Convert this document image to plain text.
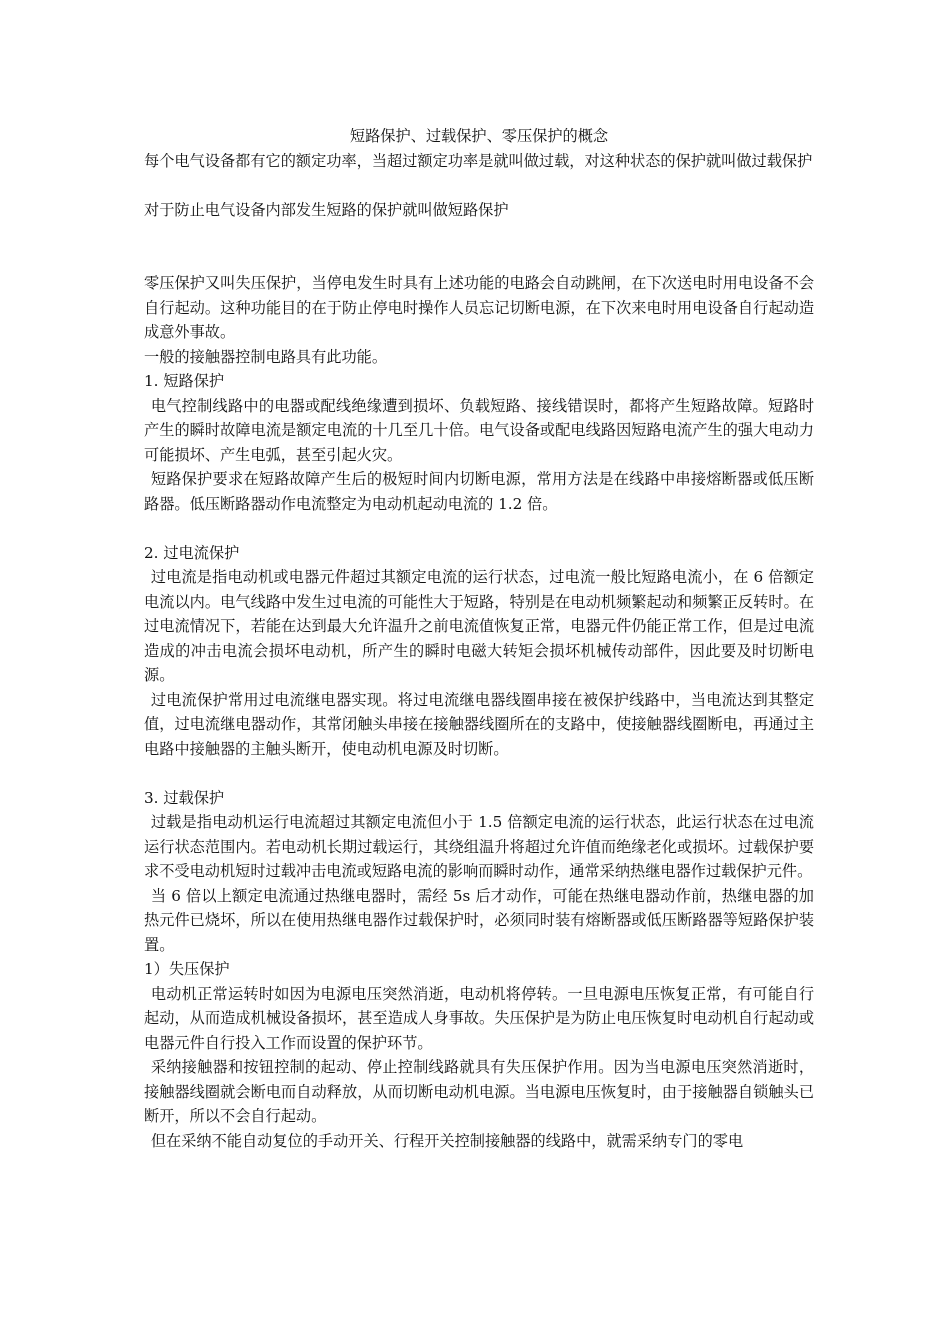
短路保护、过载保护、零压保护的概念

每个电气设备都有它的额定功率，当超过额定功率是就叫做过载，对这种状态的保护就叫做过载保护

对于防止电气设备内部发生短路的保护就叫做短路保护

零压保护又叫失压保护，当停电发生时具有上述功能的电路会自动跳闸，在下次送电时用电设备不会自行起动。这种功能目的在于防止停电时操作人员忘记切断电源，在下次来电时用电设备自行起动造成意外事故。

一般的接触器控制电路具有此功能。

1. 短路保护

电气控制线路中的电器或配线绝缘遭到损坏、负载短路、接线错误时，都将产生短路故障。短路时产生的瞬时故障电流是额定电流的十几至几十倍。电气设备或配电线路因短路电流产生的强大电动力可能损坏、产生电弧，甚至引起火灾。

短路保护要求在短路故障产生后的极短时间内切断电源，常用方法是在线路中串接熔断器或低压断路器。低压断路器动作电流整定为电动机起动电流的 1.2 倍。

2. 过电流保护

过电流是指电动机或电器元件超过其额定电流的运行状态，过电流一般比短路电流小，在 6 倍额定电流以内。电气线路中发生过电流的可能性大于短路，特别是在电动机频繁起动和频繁正反转时。在过电流情况下，若能在达到最大允许温升之前电流值恢复正常，电器元件仍能正常工作，但是过电流造成的冲击电流会损坏电动机，所产生的瞬时电磁大转矩会损坏机械传动部件，因此要及时切断电源。

过电流保护常用过电流继电器实现。将过电流继电器线圈串接在被保护线路中，当电流达到其整定值，过电流继电器动作，其常闭触头串接在接触器线圈所在的支路中，使接触器线圈断电，再通过主电路中接触器的主触头断开，使电动机电源及时切断。

3. 过载保护

过载是指电动机运行电流超过其额定电流但小于 1.5 倍额定电流的运行状态，此运行状态在过电流运行状态范围内。若电动机长期过载运行，其绕组温升将超过允许值而绝缘老化或损坏。过载保护要求不受电动机短时过载冲击电流或短路电流的影响而瞬时动作，通常采纳热继电器作过载保护元件。

当 6 倍以上额定电流通过热继电器时，需经 5s 后才动作，可能在热继电器动作前，热继电器的加热元件已烧坏，所以在使用热继电器作过载保护时，必须同时装有熔断器或低压断路器等短路保护装置。

1）失压保护

电动机正常运转时如因为电源电压突然消逝，电动机将停转。一旦电源电压恢复正常，有可能自行起动，从而造成机械设备损坏，甚至造成人身事故。失压保护是为防止电压恢复时电动机自行起动或电器元件自行投入工作而设置的保护环节。

采纳接触器和按钮控制的起动、停止控制线路就具有失压保护作用。因为当电源电压突然消逝时，接触器线圈就会断电而自动释放，从而切断电动机电源。当电源电压恢复时，由于接触器自锁触头已断开，所以不会自行起动。

但在采纳不能自动复位的手动开关、行程开关控制接触器的线路中，就需采纳专门的零电
